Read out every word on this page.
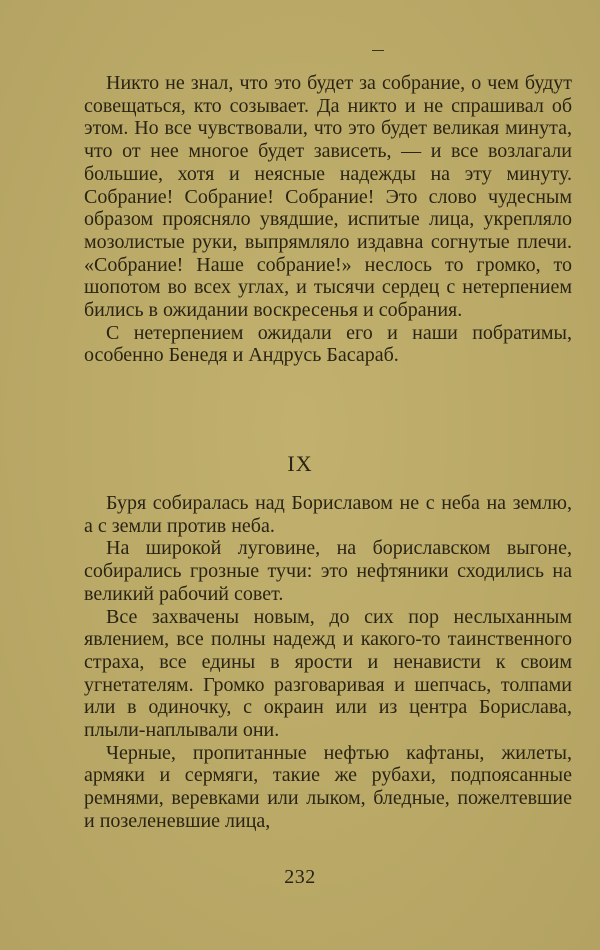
Никто не знал, что это будет за собрание, о чем будут совещаться, кто созывает. Да никто и не спрашивал об этом. Но все чувствовали, что это будет великая минута, что от нее многое будет зависеть, — и все возлагали большие, хотя и неясные надежды на эту минуту. Собрание! Собрание! Собрание! Это слово чудесным образом проясняло увядшие, испитые лица, укрепляло мозолистые руки, выпрямляло издавна согнутые плечи. «Собрание! Наше собрание!» неслось то громко, то шопотом во всех углах, и тысячи сердец с нетерпением бились в ожидании воскресенья и собрания.

С нетерпением ожидали его и наши побратимы, особенно Бенедя и Андрусь Басараб.

IX

Буря собиралась над Бориславом не с неба на землю, а с земли против неба.

На широкой луговине, на бориславском выгоне, собирались грозные тучи: это нефтяники сходились на великий рабочий совет.

Все захвачены новым, до сих пор неслыханным явлением, все полны надежд и какого-то таинственного страха, все едины в ярости и ненависти к своим угнетателям. Громко разговаривая и шепчась, толпами или в одиночку, с окраин или из центра Борислава, плыли-наплывали они.

Черные, пропитанные нефтью кафтаны, жилеты, армяки и сермяги, такие же рубахи, подпоясанные ремнями, веревками или лыком, бледные, пожелтевшие и позеленевшие лица,

232
